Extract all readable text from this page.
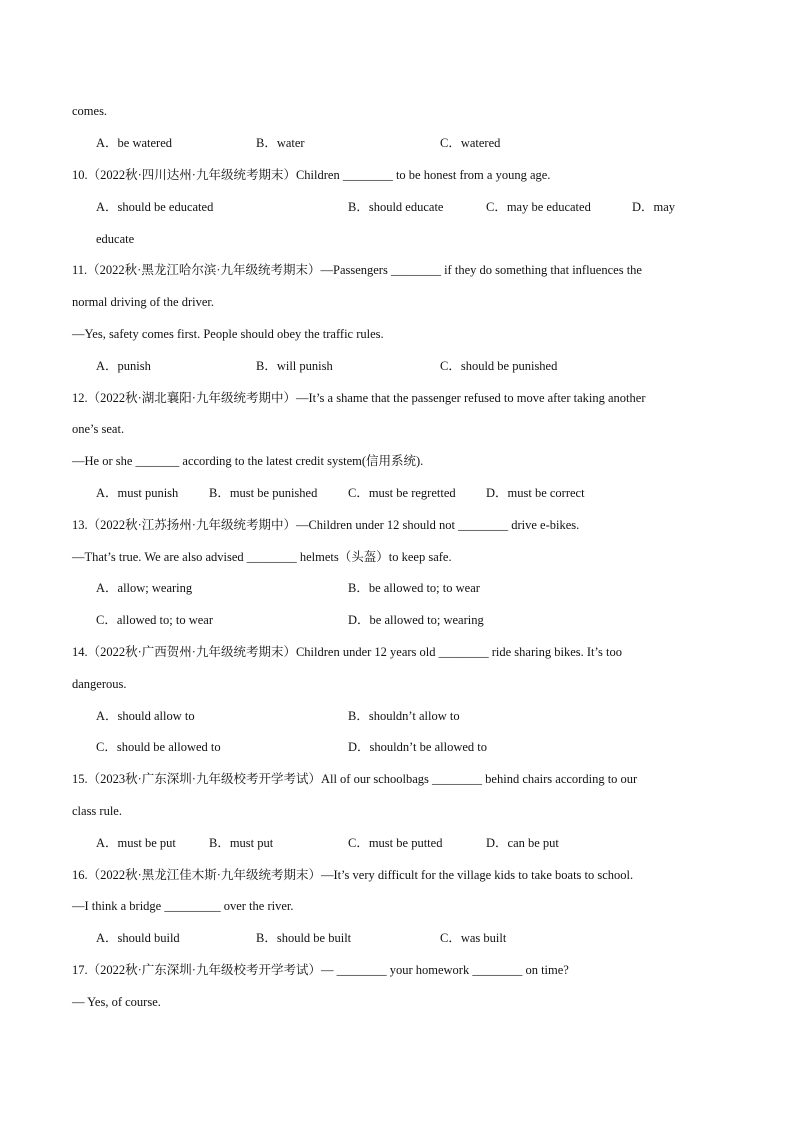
comes.
A．be watered	B．water	C．watered
10.（2022秋·四川达州·九年级统考期末）Children ________ to be honest from a young age.
A．should be educated	B．should educate	C．may be educated	D．may
educate
11.（2022秋·黑龙江哈尔滨·九年级统考期末）—Passengers ________ if they do something that influences the
normal driving of the driver.
—Yes, safety comes first. People should obey the traffic rules.
A．punish	B．will punish	C．should be punished
12.（2022秋·湖北襄阳·九年级统考期中）—It’s a shame that the passenger refused to move after taking another
one’s seat.
—He or she _______ according to the latest credit system(信用系统).
A．must punish B．must be punished C．must be regretted D．must be correct
13.（2022秋·江苏扬州·九年级统考期中）—Children under 12 should not ________ drive e-bikes.
—That’s true. We are also advised ________ helmets（头盔）to keep safe.
A．allow; wearing	B．be allowed to; to wear
C．allowed to; to wear	D．be allowed to; wearing
14.（2022秋·广西贺州·九年级统考期末）Children under 12 years old ________ ride sharing bikes. It’s too
dangerous.
A．should allow to	B．shouldn’t allow to
C．should be allowed to	D．shouldn’t be allowed to
15.（2023秋·广东深圳·九年级校考开学考试）All of our schoolbags ________ behind chairs according to our
class rule.
A．must be put	B．must put	C．must be putted	D．can be put
16.（2022秋·黑龙江佳木斯·九年级统考期末）—It’s very difficult for the village kids to take boats to school.
—I think a bridge _________ over the river.
A．should build	B．should be built	C．was built
17.（2022秋·广东深圳·九年级校考开学考试）— ________ your homework ________ on time?
— Yes, of course.
